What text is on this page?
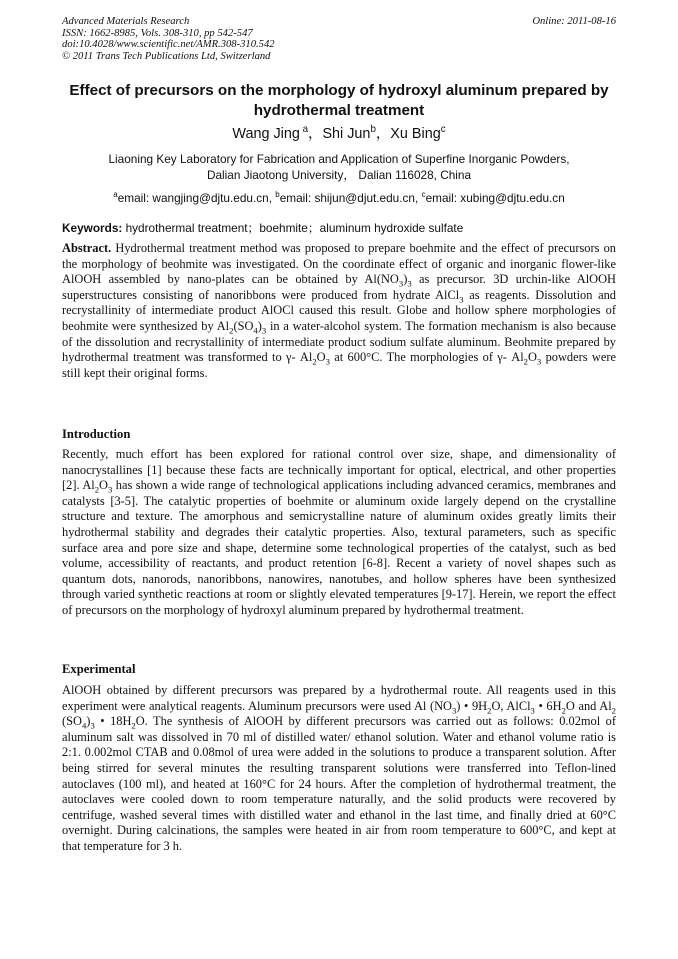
Advanced Materials Research
ISSN: 1662-8985, Vols. 308-310, pp 542-547
doi:10.4028/www.scientific.net/AMR.308-310.542
© 2011 Trans Tech Publications Ltd, Switzerland
Online: 2011-08-16
Effect of precursors on the morphology of hydroxyl aluminum prepared by hydrothermal treatment
Wang Jing $^a$，Shi Jun$^b$，Xu Bing$^c$
Liaoning Key Laboratory for Fabrication and Application of Superfine Inorganic Powders,
Dalian Jiaotong University， Dalian 116028, China
$^a$email: wangjing@djtu.edu.cn, $^b$email: shijun@djut.edu.cn, $^c$email: xubing@djtu.edu.cn
Keywords: hydrothermal treatment；boehmite；aluminum hydroxide sulfate
Abstract. Hydrothermal treatment method was proposed to prepare boehmite and the effect of precursors on the morphology of beohmite was investigated. On the coordinate effect of organic and inorganic flower-like AlOOH assembled by nano-plates can be obtained by $Al(NO_3)_3$ as precursor. 3D urchin-like AlOOH superstructures consisting of nanoribbons were produced from hydrate AlCl$_3$ as reagents. Dissolution and recrystallinity of intermediate product AlOCl caused this result. Globe and hollow sphere morphologies of beohmite were synthesized by $Al_2(SO_4)_3$ in a water-alcohol system. The formation mechanism is also because of the dissolution and recrystallinity of intermediate product sodium sulfate aluminum. Beohmite prepared by hydrothermal treatment was transformed to γ- $Al_2O_3$ at 600°C. The morphologies of γ- $Al_2O_3$ powders were still kept their original forms.
Introduction
Recently, much effort has been explored for rational control over size, shape, and dimensionality of nanocrystallines [1] because these facts are technically important for optical, electrical, and other properties [2]. $Al_2O_3$ has shown a wide range of technological applications including advanced ceramics, membranes and catalysts [3-5]. The catalytic properties of boehmite or aluminum oxide largely depend on the crystalline structure and texture. The amorphous and semicrystalline nature of aluminum oxides greatly limits their hydrothermal stability and degrades their catalytic properties. Also, textural parameters, such as specific surface area and pore size and shape, determine some technological properties of the catalyst, such as bed volume, accessibility of reactants, and product retention [6-8]. Recent a variety of novel shapes such as quantum dots, nanorods, nanoribbons, nanowires, nanotubes, and hollow spheres have been synthesized through varied synthetic reactions at room or slightly elevated temperatures [9-17]. Herein, we report the effect of precursors on the morphology of hydroxyl aluminum prepared by hydrothermal treatment.
Experimental
AlOOH obtained by different precursors was prepared by a hydrothermal route. All reagents used in this experiment were analytical reagents. Aluminum precursors were used Al $(NO_3)$ • $9H_2O$, AlCl$_3$ • $6H_2O$ and $Al_2$ $(SO_4)_3$ • $18H_2O$. The synthesis of AlOOH by different precursors was carried out as follows: 0.02mol of aluminum salt was dissolved in 70 ml of distilled water/ ethanol solution. Water and ethanol volume ratio is 2:1. 0.002mol CTAB and 0.08mol of urea were added in the solutions to produce a transparent solution. After being stirred for several minutes the resulting transparent solutions were transferred into Teflon-lined autoclaves (100 ml), and heated at 160°C for 24 hours. After the completion of hydrothermal treatment, the autoclaves were cooled down to room temperature naturally, and the solid products were recovered by centrifuge, washed several times with distilled water and ethanol in the last time, and finally dried at 60°C overnight. During calcinations, the samples were heated in air from room temperature to 600°C, and kept at that temperature for 3 h.
